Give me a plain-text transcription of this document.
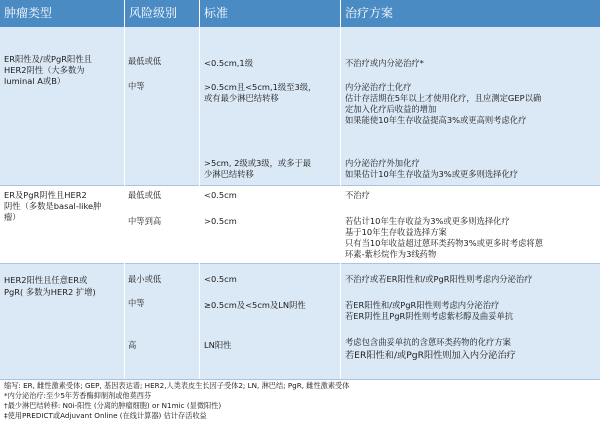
肿瘤类型	风险级别 标准	治疗方案
ER阳性及/或PgR阳性且
HER2阴性（大多数为
luminal A或B）
最低或低
中等
<0.5cm,1级
>0.5cm且<5cm,1级至3级，
或有最少淋巴结转移
>5cm, 2级或3级，或多于最
少淋巴结转移
不治疗或内分泌治疗*
内分泌治疗土化疗
估计存活期在5年以上才使用化疗，且应测定GEP以确
定加入化疗后收益的增加
如果能使10年生存收益提高3%或更高则考虑化疗
内分泌治疗外加化疗
如果估计10年生存收益为3%或更多则选择化疗
ER及PgR阴性且HER2
阴性（多数是basal-like肿
瘤）
最低或低
中等到高
<0.5cm
>0.5cm
不治疗
若估计10年生存收益为3%或更多则选择化疗
基于10年生存收益选择方案
只有当10年收益超过蒽环类药物3%或更多时考虑将蒽
环素-紫杉烷作为3线药物
HER2阳性且任意ER或
PgR( 多数为HER2 扩增)
最小或低
中等
高
<0.5cm
≥0.5cm及<5cm及LN阴性
LN阳性
不治疗或若ER阳性和/或PgR阳性则考虑内分泌治疗
若ER阳性和/或PgR阳性则考虑内分泌治疗
若ER阴性且PgR阴性则考虑紫杉醇及曲妥单抗
考虑包含曲妥单抗的含蒽环类药物的化疗方案
若ER阳性和/或PgR阳性则加入内分泌治疗
缩写: ER, 雌性激素受体; GEP, 基因表达谱; HER2,人类表皮生长因子受体2; LN, 淋巴结; PgR, 雌性激素受体
*内分泌治疗:至少5年芳香酶抑制剂或他莫西芬
†最少淋巴结转移: N0i-阳性 (分离的肿瘤细胞) or N1mic (显微阳性)
‡使用PREDICT或Adjuvant Online (在线计算器) 估计存活收益
